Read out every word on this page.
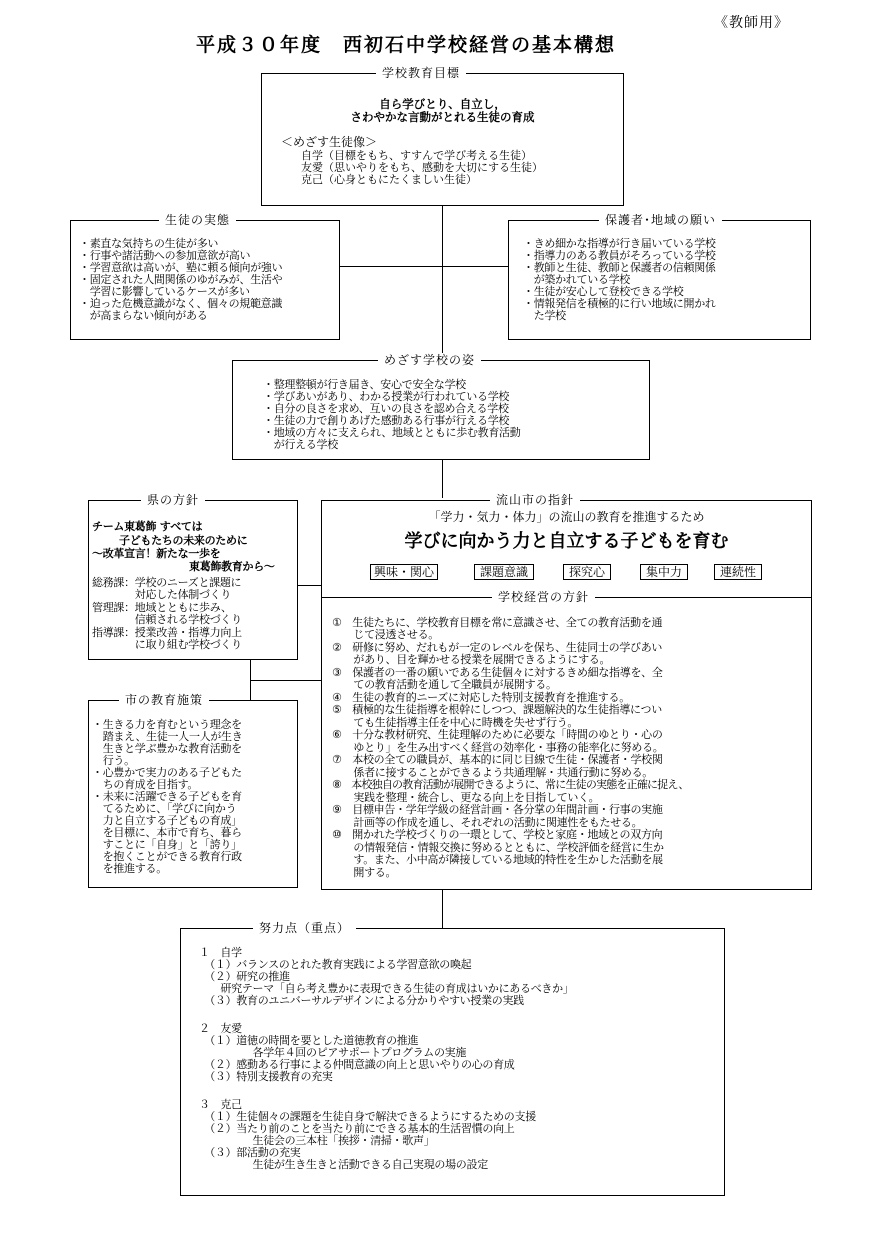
《教師用》
平成３０年度　西初石中学校経営の基本構想
学校教育目標
自ら学びとり、自立し，
さわやかな言動がとれる生徒の育成
＜めざす生徒像＞
自学（目標をもち、すすんで学び考える生徒）
友愛（思いやりをもち、感動を大切にする生徒）
克己（心身ともにたくましい生徒）
生徒の実態
・素直な気持ちの生徒が多い
・行事や諸活動への参加意欲が高い
・学習意欲は高いが、塾に頼る傾向が強い
・固定された人間関係のゆがみが、生活や
　学習に影響しているケースが多い
・迫った危機意識がなく、個々の規範意識
　が高まらない傾向がある
保護者･地域の願い
・きめ細かな指導が行き届いている学校
・指導力のある教員がそろっている学校
・教師と生徒、教師と保護者の信頼関係
　が築かれている学校
・生徒が安心して登校できる学校
・情報発信を積極的に行い地域に開かれ
　た学校
めざす学校の姿
・整理整頓が行き届き、安心で安全な学校
・学びあいがあり、わかる授業が行われている学校
・自分の良さを求め、互いの良さを認め合える学校
・生徒の力で創りあげた感動ある行事が行える学校
・地域の方々に支えられ、地域とともに歩む教育活動
　が行える学校
県の方針
チーム東葛飾 すべては
子どもたちの未来のために
～改革宣言！新たな一歩を
東葛飾教育から～
総務課：学校のニーズと課題に
　　　　対応した体制づくり
管理課：地域とともに歩み、
　　　　信頼される学校づくり
指導課：授業改善・指導力向上
　　　　に取り組む学校づくり
流山市の指針
「学力・気力・体力」の流山の教育を推進するため
学びに向かう力と自立する子どもを育む
興味・関心	課題意識	探究心	集中力	連続性
学校経営の方針
①　生徒たちに、学校教育目標を常に意識させ、全ての教育活動を通
　　じて浸透させる。
②　研修に努め、だれもが一定のレベルを保ち、生徒同士の学びあい
　　があり、目を輝かせる授業を展開できるようにする。
③　保護者の一番の願いである生徒個々に対するきめ細な指導を、全
　　ての教育活動を通して全職員が展開する。
④　生徒の教育的ニーズに対応した特別支援教育を推進する。
⑤　積極的な生徒指導を根幹にしつつ、課題解決的な生徒指導につい
　　ても生徒指導主任を中心に時機を失せず行う。
⑥　十分な教材研究、生徒理解のために必要な「時間のゆとり・心の
　　ゆとり」を生み出すべく経営の効率化・事務の能率化に努める。
⑦　本校の全ての職員が、基本的に同じ目線で生徒・保護者・学校関
　　係者に接することができるよう共通理解・共通行動に努める。
⑧　本校独自の教育活動が展開できるように、常に生徒の実態を正確に捉え、
　　実践を整理・統合し、更なる向上を目指していく。
⑨　目標申告・学年学級の経営計画・各分掌の年間計画・行事の実施
　　計画等の作成を通し、それぞれの活動に関連性をもたせる。
⑩　開かれた学校づくりの一環として、学校と家庭・地域との双方向
　　の情報発信・情報交換に努めるとともに、学校評価を経営に生か
　　す。また、小中高が隣接している地域的特性を生かした活動を展
　　開する。
市の教育施策
・生きる力を育むという理念を
　踏まえ、生徒一人一人が生き
　生きと学ぶ豊かな教育活動を
　行う。
・心豊かで実力のある子どもた
　ちの育成を目指す。
・未来に活躍できる子どもを育
　てるために、「学びに向かう
　力と自立する子どもの育成」
　を目標に、本市で育ち、暮ら
　すことに「自身」と「誇り」
　を抱くことができる教育行政
　を推進する。
努力点（重点）
１　自学
　（１）バランスのとれた教育実践による学習意欲の喚起
　（２）研究の推進
　　研究テーマ「自ら考え豊かに表現できる生徒の育成はいかにあるべきか」
　（３）教育のユニバーサルデザインによる分かりやすい授業の実践
２　友愛
　（１）道徳の時間を要とした道徳教育の推進
　　　　　各学年４回のピアサポートプログラムの実施
　（２）感動ある行事による仲間意識の向上と思いやりの心の育成
　（３）特別支援教育の充実
３　克己
　（１）生徒個々の課題を生徒自身で解決できるようにするための支援
　（２）当たり前のことを当たり前にできる基本的生活習慣の向上
　　　　　生徒会の三本柱「挨拶・清掃・歌声」
　（３）部活動の充実
　　　　　生徒が生き生きと活動できる自己実現の場の設定
